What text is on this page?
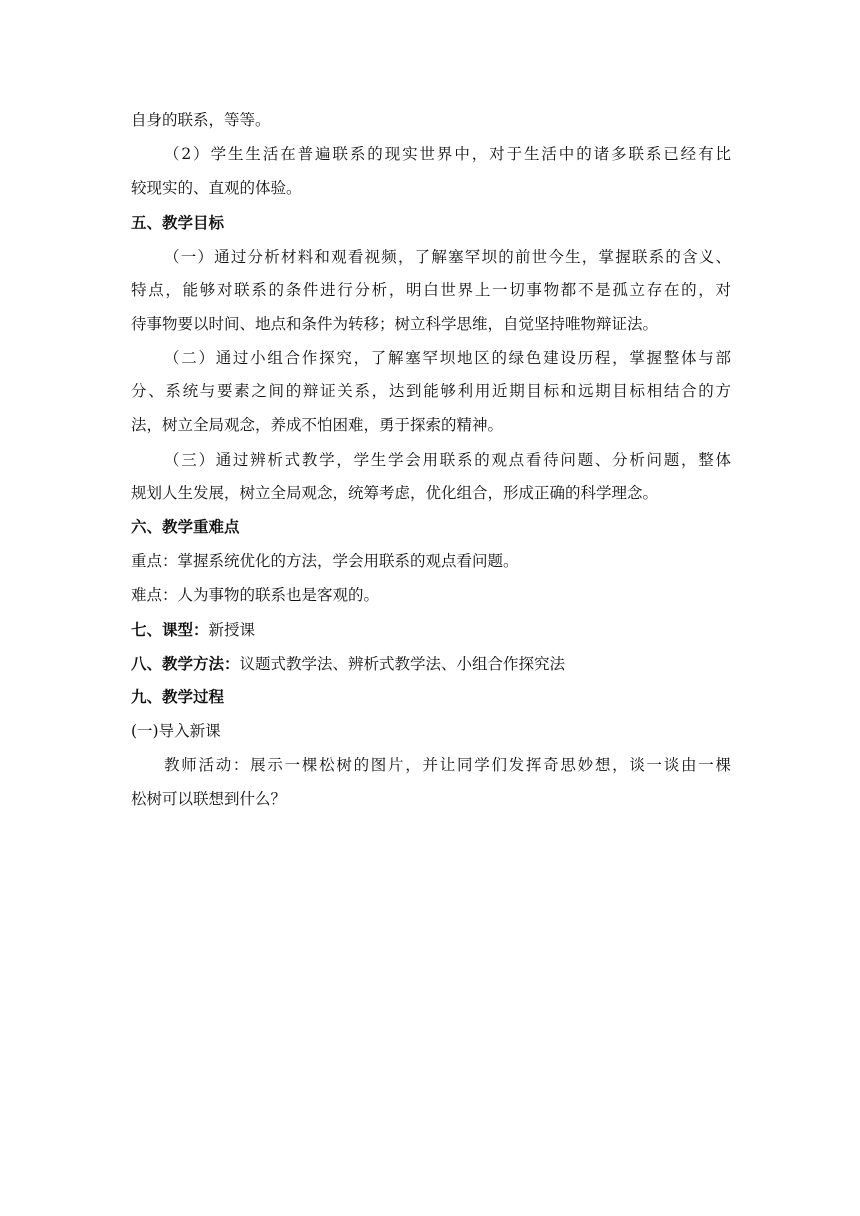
自身的联系，等等。
（2）学生生活在普遍联系的现实世界中，对于生活中的诸多联系已经有比
较现实的、直观的体验。
五、教学目标
（一）通过分析材料和观看视频，了解塞罕坝的前世今生，掌握联系的含义、
特点，能够对联系的条件进行分析，明白世界上一切事物都不是孤立存在的，对
待事物要以时间、地点和条件为转移；树立科学思维，自觉坚持唯物辩证法。
（二）通过小组合作探究，了解塞罕坝地区的绿色建设历程，掌握整体与部
分、系统与要素之间的辩证关系，达到能够利用近期目标和远期目标相结合的方
法，树立全局观念，养成不怕困难，勇于探索的精神。
（三）通过辨析式教学，学生学会用联系的观点看待问题、分析问题，整体
规划人生发展，树立全局观念，统筹考虑，优化组合，形成正确的科学理念。
六、教学重难点
重点：掌握系统优化的方法，学会用联系的观点看问题。
难点：人为事物的联系也是客观的。
七、课型：新授课
八、教学方法：议题式教学法、辨析式教学法、小组合作探究法
九、教学过程
(一)导入新课
教师活动：展示一棵松树的图片，并让同学们发挥奇思妙想，谈一谈由一棵
松树可以联想到什么？
